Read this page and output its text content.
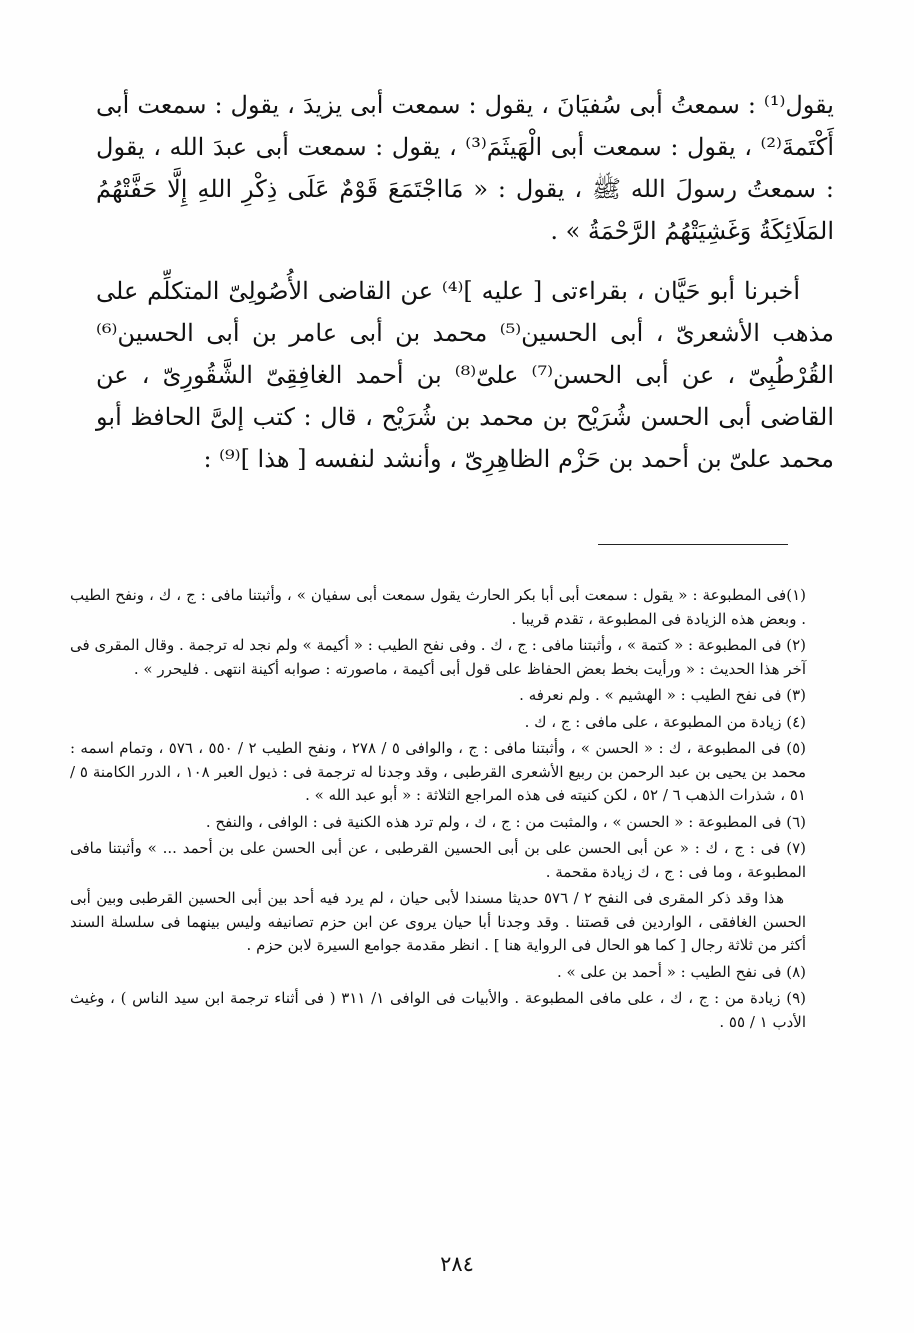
يقول⁽¹⁾ : سمعتُ أبى سُفيَانَ ، يقول : سمعت أبى يزيدَ ، يقول : سمعت أبى أَكْتَمةَ⁽²⁾ ، يقول : سمعت أبى الْهَيثَمَ⁽³⁾ ، يقول : سمعت أبى عبدَ الله ، يقول : سمعتُ رسولَ الله ﷺ ، يقول : « مَااجْتَمَعَ قَوْمٌ عَلَى ذِكْرِ اللهِ إِلَّا حَفَّتْهُمُ المَلَائِكَةُ وَغَشِيَتْهُمُ الرَّحْمَةُ » .

أخبرنا أبو حَيَّان ، بقراءتى [ عليه ]⁽⁴⁾ عن القاضى الأُصُولِىّ المتكلِّم على مذهب الأشعرىّ ، أبى الحسين⁽⁵⁾ محمد بن أبى عامر بن أبى الحسين⁽⁶⁾ القُرْطُبِىّ ، عن أبى الحسن⁽⁷⁾ علىّ⁽⁸⁾ بن أحمد الغافِقِىّ الشَّقُورِىّ ، عن القاضى أبى الحسن شُرَيْح بن محمد بن شُرَيْح ، قال : كتب إلىَّ الحافظ أبو محمد علىّ بن أحمد بن حَزْم الظاهِرِىّ ، وأنشد لنفسه [ هذا ]⁽⁹⁾ :

(١)فى المطبوعة : « يقول : سمعت أبى أبا بكر الحارث يقول سمعت أبى سفيان » ، وأثبتنا مافى : ج ، ك ، ونفح الطيب . وبعض هذه الزيادة فى المطبوعة ، تقدم قريبا .

(٢) فى المطبوعة : « كتمة » ، وأثبتنا مافى : ج ، ك . وفى نفح الطيب : « أكيمة » ولم نجد له ترجمة . وقال المقرى فى آخر هذا الحديث : « ورأيت بخط بعض الحفاظ على قول أبى أكيمة ، ماصورته : صوابه أكينة انتهى . فليحرر » .

(٣) فى نفح الطيب : « الهشيم » . ولم نعرفه .

(٤) زيادة من المطبوعة ، على مافى : ج ، ك .

(٥) فى المطبوعة ، ك : « الحسن » ، وأثبتنا مافى : ج ، والوافى ٥ / ٢٧٨ ، ونفح الطيب ٢ / ٥٥٠ ، ٥٧٦ ، وتمام اسمه : محمد بن يحيى بن عبد الرحمن بن ربيع الأشعرى القرطبى ، وقد وجدنا له ترجمة فى : ذيول العبر ١٠٨ ، الدرر الكامنة ٥ / ٥١ ، شذرات الذهب ٦ / ٥٢ ، لكن كنيته فى هذه المراجع الثلاثة : « أبو عبد الله » .

(٦) فى المطبوعة : « الحسن » ، والمثبت من : ج ، ك ، ولم ترد هذه الكنية فى : الوافى ، والنفح .

(٧) فى : ج ، ك : « عن أبى الحسن على بن أبى الحسين القرطبى ، عن أبى الحسن على بن أحمد ... » وأثبتنا مافى المطبوعة ، وما فى : ج ، ك زيادة مقحمة .

هذا وقد ذكر المقرى فى النفح ٢ / ٥٧٦ حديثا مسندا لأبى حيان ، لم يرد فيه أحد بين أبى الحسين القرطبى وبين أبى الحسن الغافقى ، الواردين فى قصتنا . وقد وجدنا أبا حيان يروى عن ابن حزم تصانيفه وليس بينهما فى سلسلة السند أكثر من ثلاثة رجال [ كما هو الحال فى الرواية هنا ] . انظر مقدمة جوامع السيرة لابن حزم .

(٨) فى نفح الطيب : « أحمد بن على » .

(٩) زيادة من : ج ، ك ، على مافى المطبوعة . والأبيات فى الوافى ١/ ٣١١ ( فى أثناء ترجمة ابن سيد الناس ) ، وغيث الأدب ١ / ٥٥ .

٢٨٤
